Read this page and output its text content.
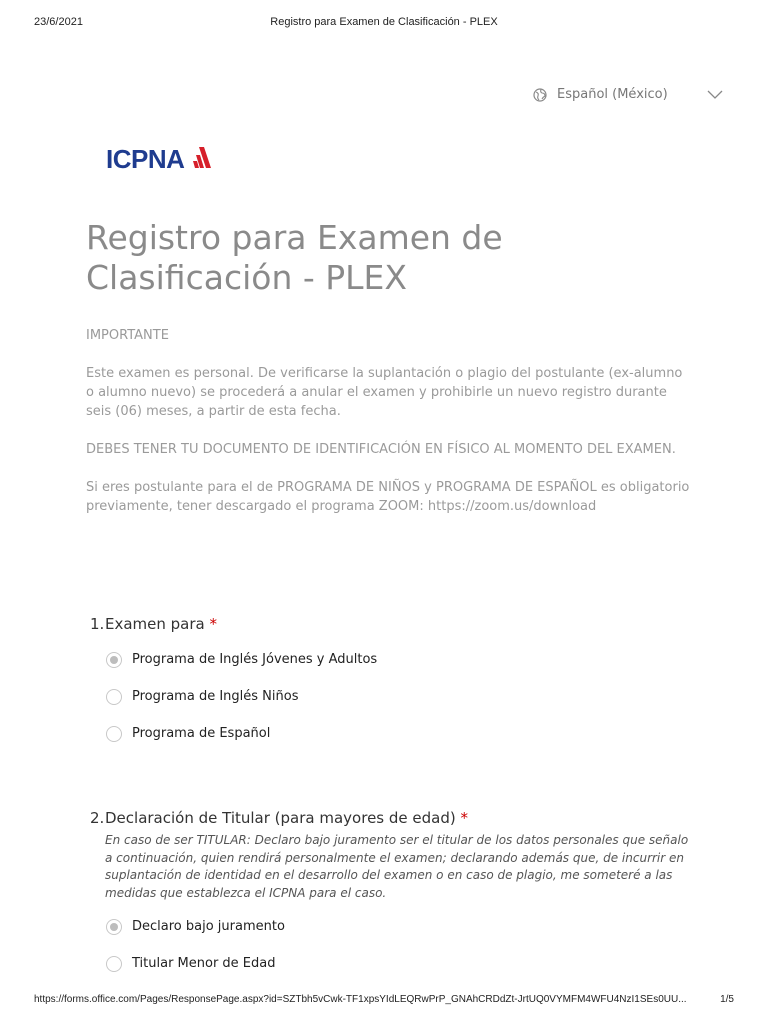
23/6/2021	Registro para Examen de Clasificación - PLEX
Español (México)
ICPNA
Registro para Examen de Clasificación - PLEX

IMPORTANTE

Este examen es personal. De verificarse la suplantación o plagio del postulante (ex-alumno o alumno nuevo) se procederá a anular el examen y prohibirle un nuevo registro durante seis (06) meses, a partir de esta fecha.

DEBES TENER TU DOCUMENTO DE IDENTIFICACIÓN EN FÍSICO AL MOMENTO DEL EXAMEN.

Si eres postulante para el de PROGRAMA DE NIÑOS y PROGRAMA DE ESPAÑOL es obligatorio previamente, tener descargado el programa ZOOM: https://zoom.us/download

1. Examen para *
Programa de Inglés Jóvenes y Adultos
Programa de Inglés Niños
Programa de Español
2. Declaración de Titular (para mayores de edad) *
En caso de ser TITULAR: Declaro bajo juramento ser el titular de los datos personales que señalo a continuación, quien rendirá personalmente el examen; declarando además que, de incurrir en suplantación de identidad en el desarrollo del examen o en caso de plagio, me someteré a las medidas que establezca el ICPNA para el caso.
Declaro bajo juramento
Titular Menor de Edad
https://forms.office.com/Pages/ResponsePage.aspx?id=SZTbh5vCwk-TF1xpsYIdLEQRwPrP_GNAhCRDdZt-JrtUQ0VYMFM4WFU4NzI1SEs0UU...	1/5
